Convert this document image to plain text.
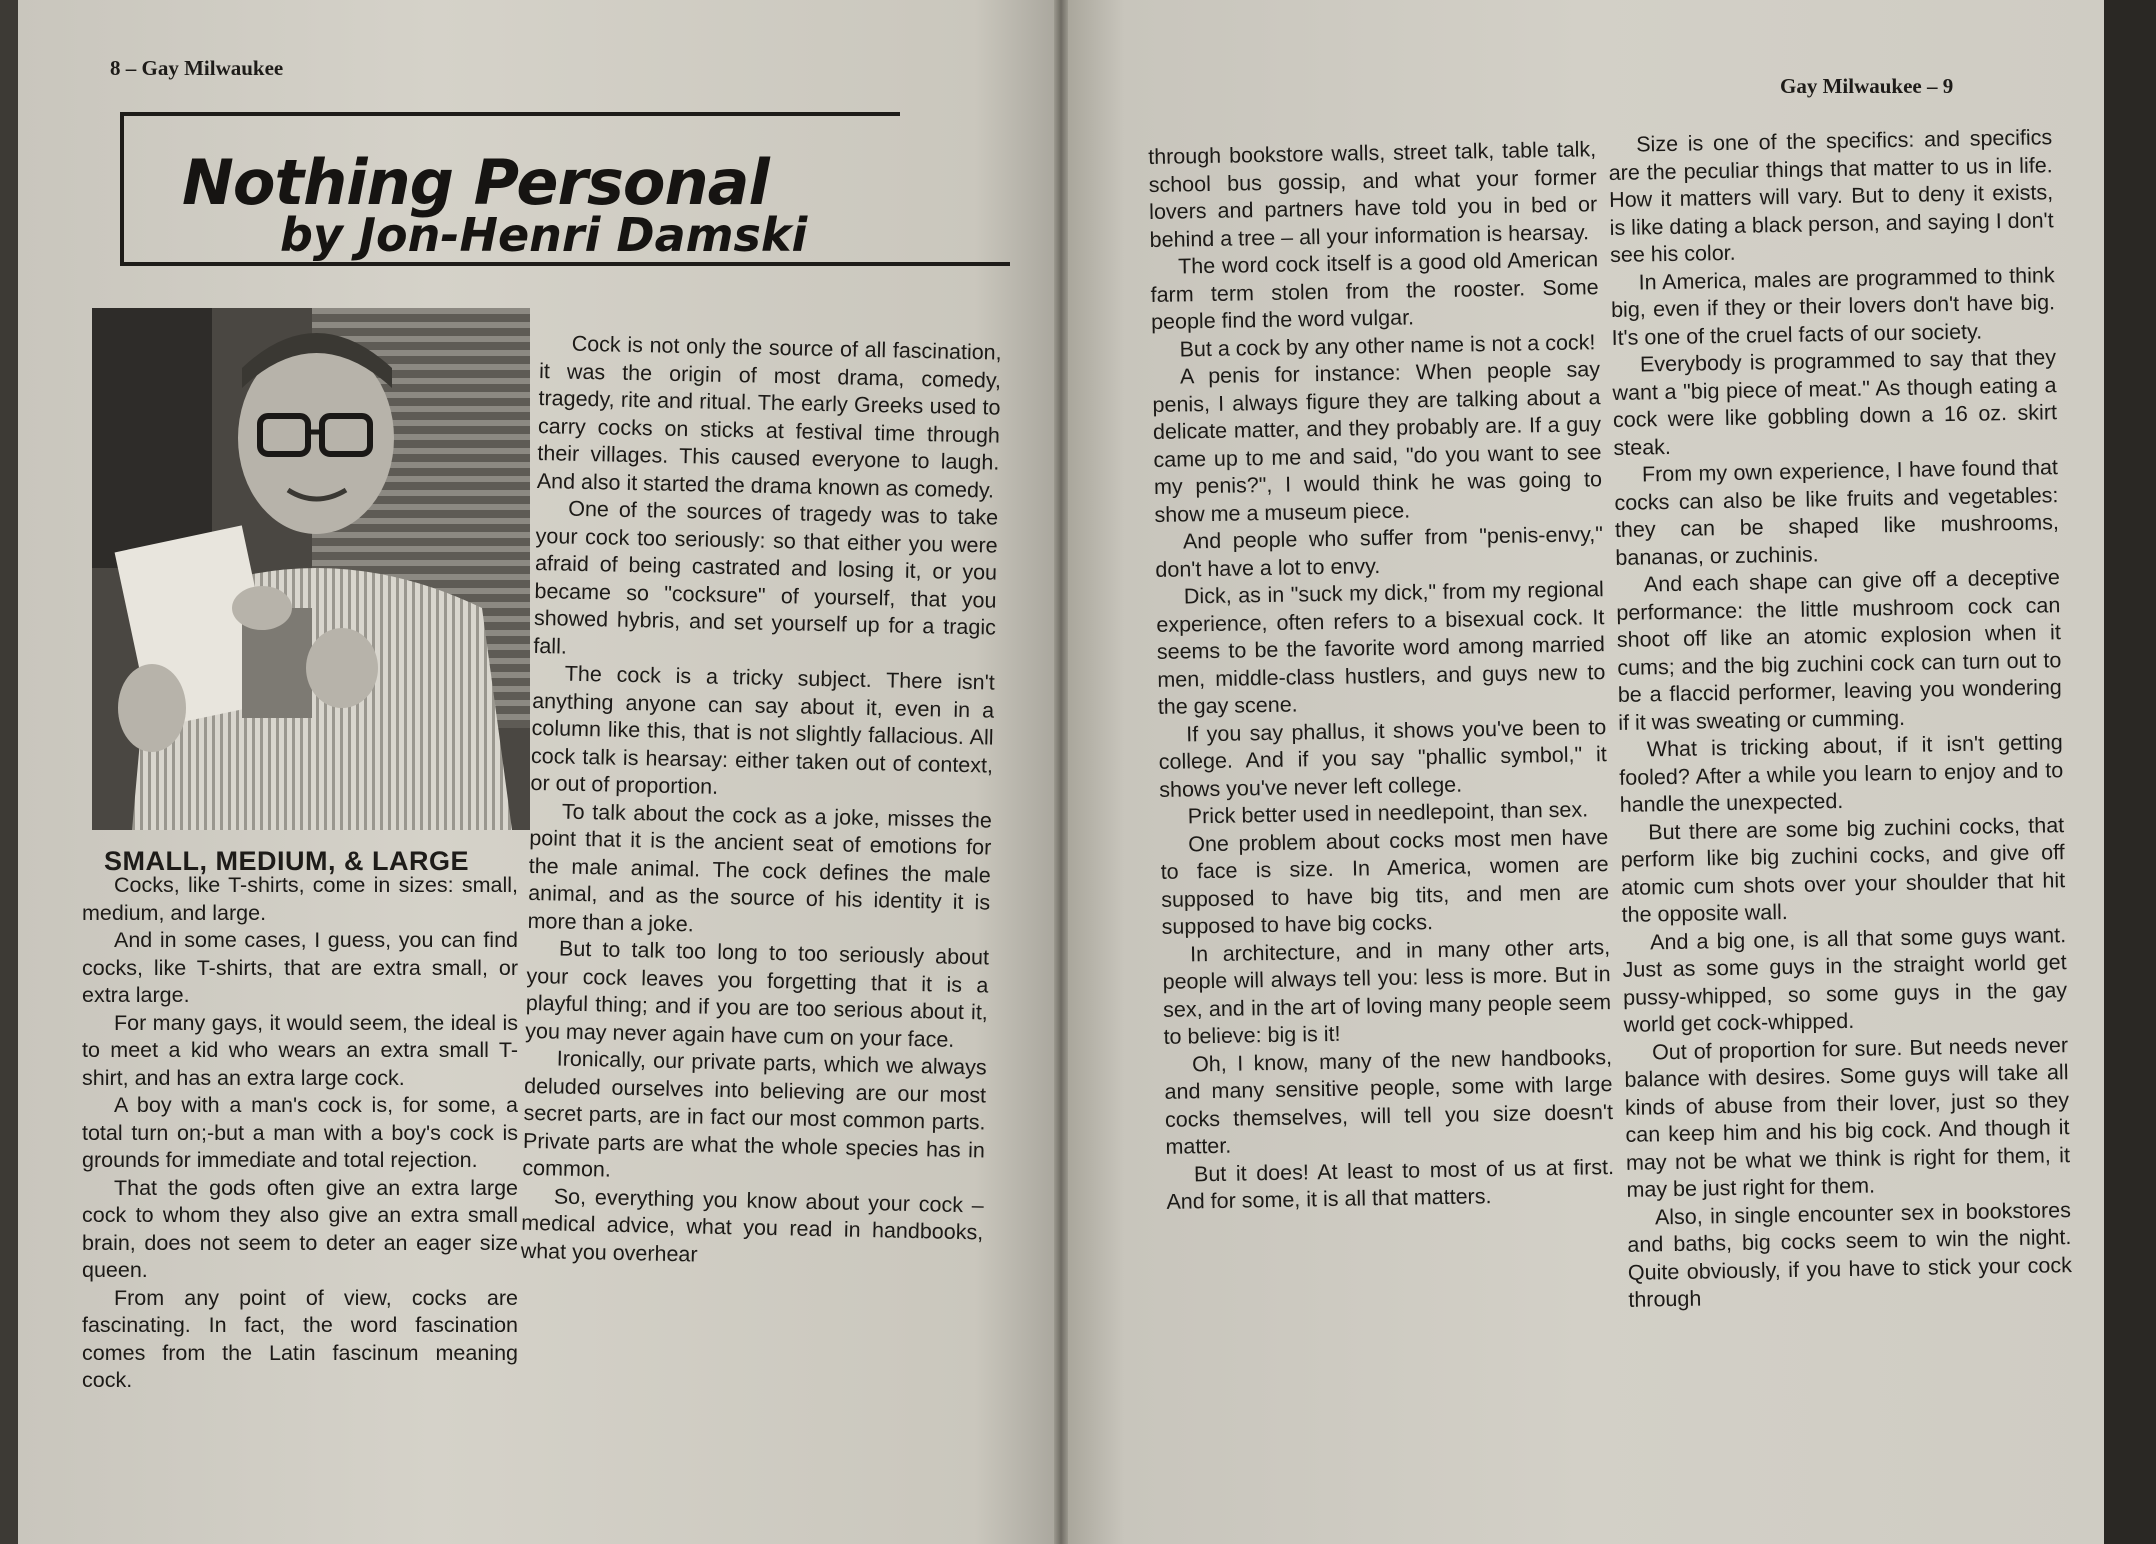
8 – Gay Milwaukee
Gay Milwaukee – 9
Nothing Personal
by Jon-Henri Damski
SMALL, MEDIUM, & LARGE

Cocks, like T-shirts, come in sizes: small, medium, and large.

And in some cases, I guess, you can find cocks, like T-shirts, that are extra small, or extra large.

For many gays, it would seem, the ideal is to meet a kid who wears an extra small T-shirt, and has an extra large cock.

A boy with a man's cock is, for some, a total turn on;-but a man with a boy's cock is grounds for immediate and total rejection.

That the gods often give an extra large cock to whom they also give an extra small brain, does not seem to deter an eager size queen.

From any point of view, cocks are fascinating. In fact, the word fascination comes from the Latin fascinum meaning cock.

Cock is not only the source of all fascination, it was the origin of most drama, comedy, tragedy, rite and ritual. The early Greeks used to carry cocks on sticks at festival time through their villages. This caused everyone to laugh. And also it started the drama known as comedy.

One of the sources of tragedy was to take your cock too seriously: so that either you were afraid of being castrated and losing it, or you became so "cocksure" of yourself, that you showed hybris, and set yourself up for a tragic fall.

The cock is a tricky subject. There isn't anything anyone can say about it, even in a column like this, that is not slightly fallacious. All cock talk is hearsay: either taken out of context, or out of proportion.

To talk about the cock as a joke, misses the point that it is the ancient seat of emotions for the male animal. The cock defines the male animal, and as the source of his identity it is more than a joke.

But to talk too long to too seriously about your cock leaves you forgetting that it is a playful thing; and if you are too serious about it, you may never again have cum on your face.

Ironically, our private parts, which we always deluded ourselves into believing are our most secret parts, are in fact our most common parts. Private parts are what the whole species has in common.

So, everything you know about your cock – medical advice, what you read in handbooks, what you overhear

through bookstore walls, street talk, table talk, school bus gossip, and what your former lovers and partners have told you in bed or behind a tree – all your information is hearsay.

The word cock itself is a good old American farm term stolen from the rooster. Some people find the word vulgar.

But a cock by any other name is not a cock!

A penis for instance: When people say penis, I always figure they are talking about a delicate matter, and they probably are. If a guy came up to me and said, "do you want to see my penis?", I would think he was going to show me a museum piece.

And people who suffer from "penis-envy," don't have a lot to envy.

Dick, as in "suck my dick," from my regional experience, often refers to a bisexual cock. It seems to be the favorite word among married men, middle-class hustlers, and guys new to the gay scene.

If you say phallus, it shows you've been to college. And if you say "phallic symbol," it shows you've never left college.

Prick better used in needlepoint, than sex.

One problem about cocks most men have to face is size. In America, women are supposed to have big tits, and men are supposed to have big cocks.

In architecture, and in many other arts, people will always tell you: less is more. But in sex, and in the art of loving many people seem to believe: big is it!

Oh, I know, many of the new handbooks, and many sensitive people, some with large cocks themselves, will tell you size doesn't matter.

But it does! At least to most of us at first. And for some, it is all that matters.

Size is one of the specifics: and specifics are the peculiar things that matter to us in life. How it matters will vary. But to deny it exists, is like dating a black person, and saying I don't see his color.

In America, males are programmed to think big, even if they or their lovers don't have big. It's one of the cruel facts of our society.

Everybody is programmed to say that they want a "big piece of meat." As though eating a cock were like gobbling down a 16 oz. skirt steak.

From my own experience, I have found that cocks can also be like fruits and vegetables: they can be shaped like mushrooms, bananas, or zuchinis.

And each shape can give off a deceptive performance: the little mushroom cock can shoot off like an atomic explosion when it cums; and the big zuchini cock can turn out to be a flaccid performer, leaving you wondering if it was sweating or cumming.

What is tricking about, if it isn't getting fooled? After a while you learn to enjoy and to handle the unexpected.

But there are some big zuchini cocks, that perform like big zuchini cocks, and give off atomic cum shots over your shoulder that hit the opposite wall.

And a big one, is all that some guys want. Just as some guys in the straight world get pussy-whipped, so some guys in the gay world get cock-whipped.

Out of proportion for sure. But needs never balance with desires. Some guys will take all kinds of abuse from their lover, just so they can keep him and his big cock. And though it may not be what we think is right for them, it may be just right for them.

Also, in single encounter sex in bookstores and baths, big cocks seem to win the night. Quite obviously, if you have to stick your cock through
